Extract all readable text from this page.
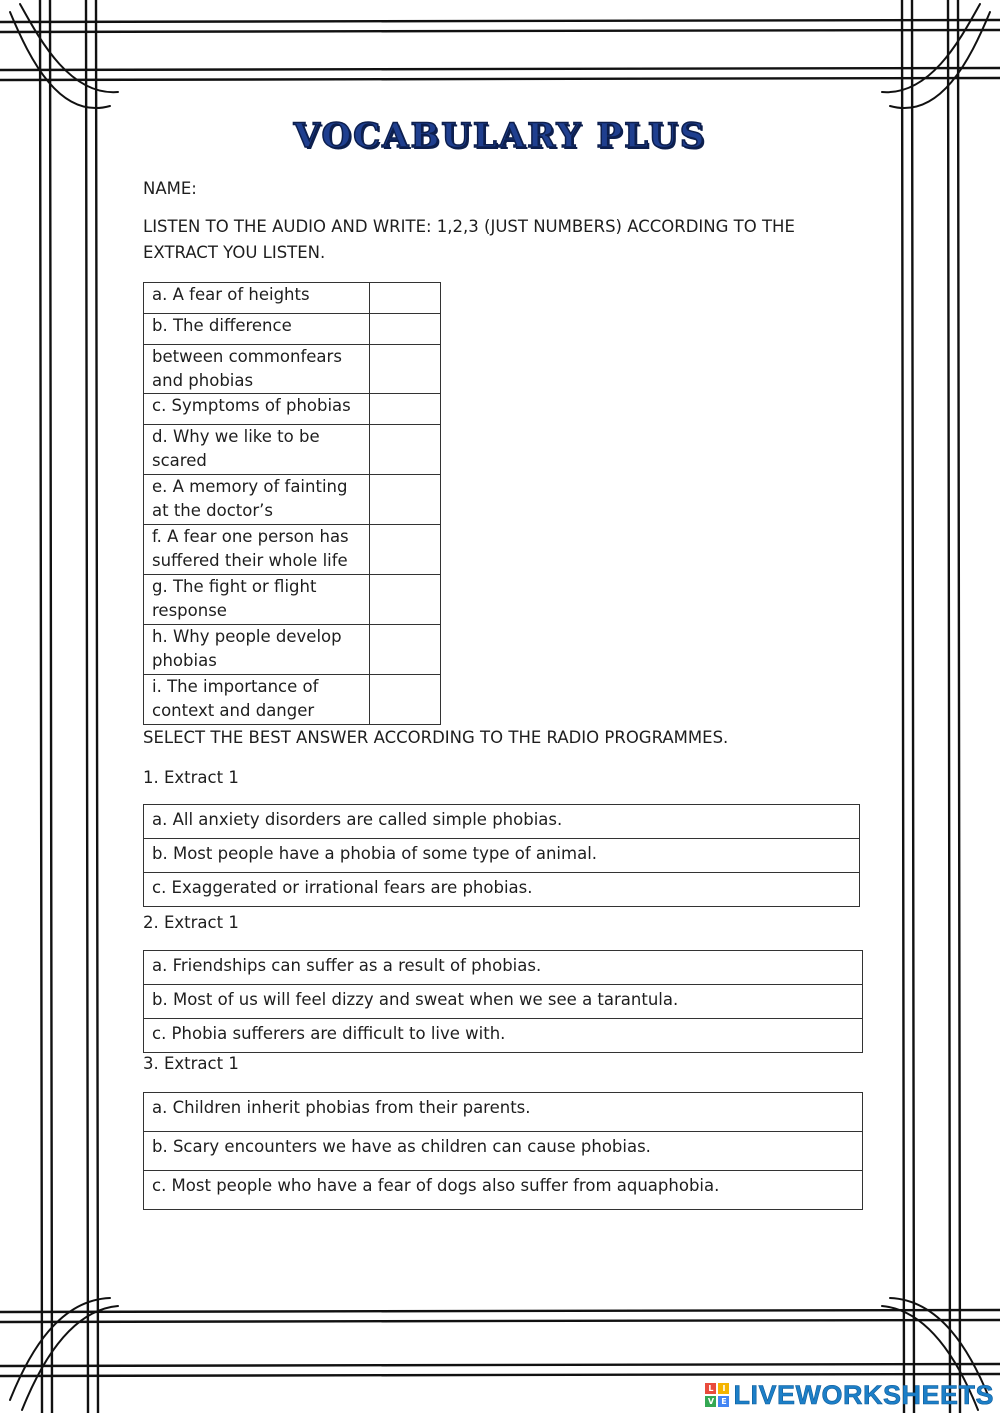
VOCABULARY PLUS
NAME:
LISTEN TO THE AUDIO AND WRITE: 1,2,3 (JUST NUMBERS) ACCORDING TO THE EXTRACT YOU LISTEN.
a. A fear of heights	
b. The difference	
between commonfears and phobias	
c. Symptoms of phobias	
d. Why we like to be scared	
e. A memory of fainting at the doctor’s	
f. A fear one person has suffered their whole life	
g. The fight or flight response	
h. Why people develop phobias	
i. The importance of context and danger	
SELECT THE BEST ANSWER ACCORDING TO THE RADIO PROGRAMMES.
1. Extract 1
a. All anxiety disorders are called simple phobias.
b. Most people have a phobia of some type of animal.
c. Exaggerated or irrational fears are phobias.
2. Extract 1
a. Friendships can suffer as a result of phobias.
b. Most of us will feel dizzy and sweat when we see a tarantula.
c. Phobia sufferers are difficult to live with.
3. Extract 1
a. Children inherit phobias from their parents.
b. Scary encounters we have as children can cause phobias.
c. Most people who have a fear of dogs also suffer from aquaphobia.
L	I
V E LIVEWORKSHEETS
